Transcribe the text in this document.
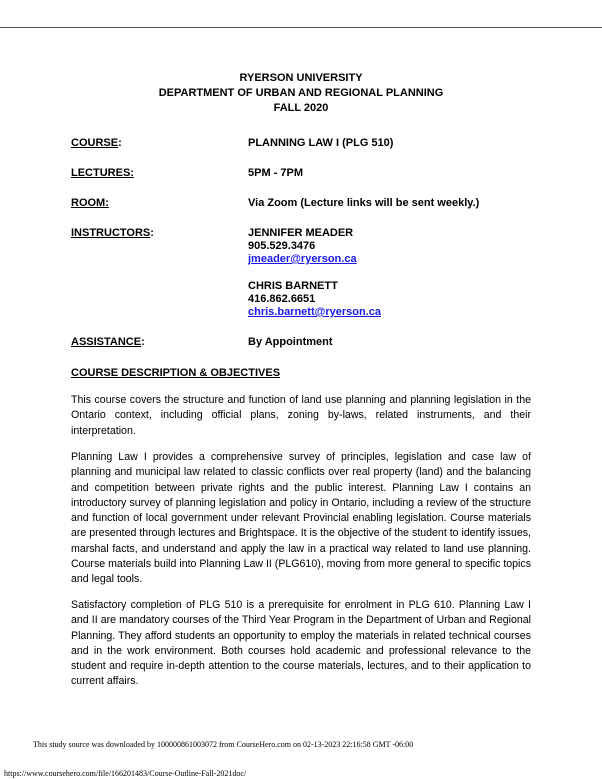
RYERSON UNIVERSITY
DEPARTMENT OF URBAN AND REGIONAL PLANNING
FALL 2020
COURSE:	PLANNING LAW I (PLG 510)
LECTURES:	5PM - 7PM
ROOM:	Via Zoom (Lecture links will be sent weekly.)
INSTRUCTORS:	JENNIFER MEADER
905.529.3476
jmeader@ryerson.ca
CHRIS BARNETT
416.862.6651
chris.barnett@ryerson.ca
ASSISTANCE:	By Appointment
COURSE DESCRIPTION & OBJECTIVES
This course covers the structure and function of land use planning and planning legislation in the Ontario context, including official plans, zoning by-laws, related instruments, and their interpretation.
Planning Law I provides a comprehensive survey of principles, legislation and case law of planning and municipal law related to classic conflicts over real property (land) and the balancing and competition between private rights and the public interest. Planning Law I contains an introductory survey of planning legislation and policy in Ontario, including a review of the structure and function of local government under relevant Provincial enabling legislation. Course materials are presented through lectures and Brightspace. It is the objective of the student to identify issues, marshal facts, and understand and apply the law in a practical way related to land use planning. Course materials build into Planning Law II (PLG610), moving from more general to specific topics and legal tools.
Satisfactory completion of PLG 510 is a prerequisite for enrolment in PLG 610. Planning Law I and II are mandatory courses of the Third Year Program in the Department of Urban and Regional Planning. They afford students an opportunity to employ the materials in related technical courses and in the work environment. Both courses hold academic and professional relevance to the student and require in-depth attention to the course materials, lectures, and to their application to current affairs.
This study source was downloaded by 100000861003072 from CourseHero.com on 02-13-2023 22:16:58 GMT -06:00
https://www.coursehero.com/file/166201483/Course-Outline-Fall-2021doc/
